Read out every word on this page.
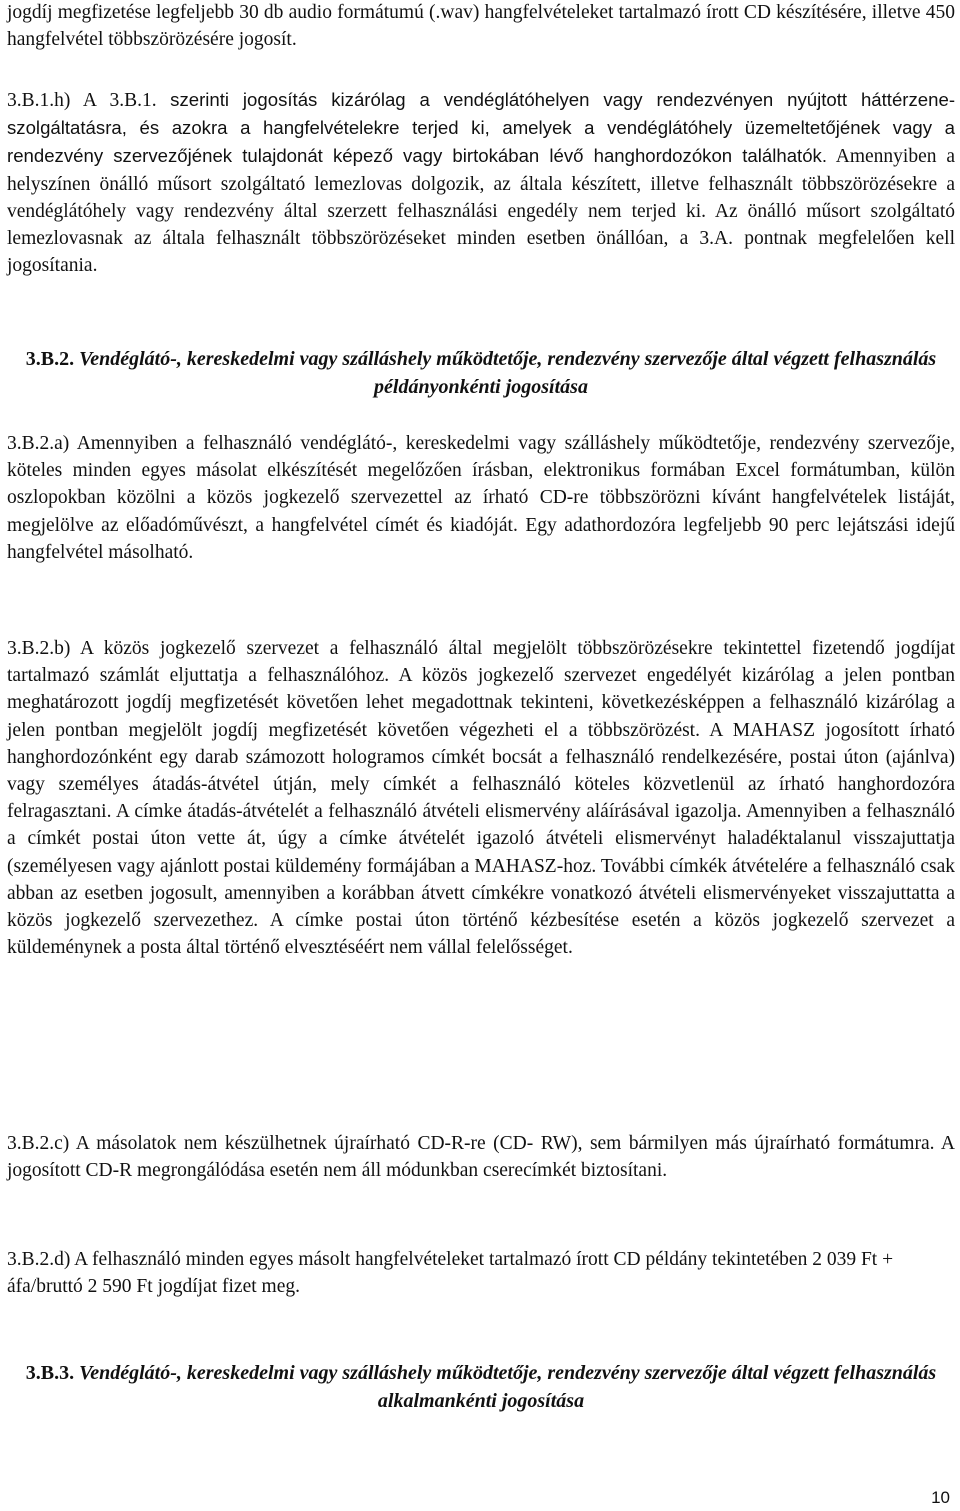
jogdíj megfizetése legfeljebb 30 db audio formátumú (.wav) hangfelvételeket tartalmazó írott CD készítésére, illetve 450 hangfelvétel többszörözésére jogosít.

3.B.1.h) A 3.B.1. szerinti jogosítás kizárólag a vendéglátóhelyen vagy rendezvényen nyújtott háttérzene-szolgáltatásra, és azokra a hangfelvételekre terjed ki, amelyek a vendéglátóhely üzemeltetőjének vagy a rendezvény szervezőjének tulajdonát képező vagy birtokában lévő hanghordozókon találhatók. Amennyiben a helyszínen önálló műsort szolgáltató lemezlovas dolgozik, az általa készített, illetve felhasznált többszörözésekre a vendéglátóhely vagy rendezvény által szerzett felhasználási engedély nem terjed ki. Az önálló műsort szolgáltató lemezlovasnak az általa felhasznált többszörözéseket minden esetben önállóan, a 3.A. pontnak megfelelően kell jogosítania.

3.B.2. Vendéglátó-, kereskedelmi vagy szálláshely működtetője, rendezvény szervezője által végzett felhasználás példányonkénti jogosítása

3.B.2.a) Amennyiben a felhasználó vendéglátó-, kereskedelmi vagy szálláshely működtetője, rendezvény szervezője, köteles minden egyes másolat elkészítését megelőzően írásban, elektronikus formában Excel formátumban, külön oszlopokban közölni a közös jogkezelő szervezettel az írható CD-re többszörözni kívánt hangfelvételek listáját, megjelölve az előadóművészt, a hangfelvétel címét és kiadóját. Egy adathordozóra legfeljebb 90 perc lejátszási idejű hangfelvétel másolható.

3.B.2.b) A közös jogkezelő szervezet a felhasználó által megjelölt többszörözésekre tekintettel fizetendő jogdíjat tartalmazó számlát eljuttatja a felhasználóhoz. A közös jogkezelő szervezet engedélyét kizárólag a jelen pontban meghatározott jogdíj megfizetését követően lehet megadottnak tekinteni, következésképpen a felhasználó kizárólag a jelen pontban megjelölt jogdíj megfizetését követően végezheti el a többszörözést. A MAHASZ jogosított írható hanghordozónként egy darab számozott hologramos címkét bocsát a felhasználó rendelkezésére, postai úton (ajánlva) vagy személyes átadás-átvétel útján, mely címkét a felhasználó köteles közvetlenül az írható hanghordozóra felragasztani. A címke átadás-átvételét a felhasználó átvételi elismervény aláírásával igazolja. Amennyiben a felhasználó a címkét postai úton vette át, úgy a címke átvételét igazoló átvételi elismervényt haladéktalanul visszajuttatja (személyesen vagy ajánlott postai küldemény formájában a MAHASZ-hoz. További címkék átvételére a felhasználó csak abban az esetben jogosult, amennyiben a korábban átvett címkékre vonatkozó átvételi elismervényeket visszajuttatta a közös jogkezelő szervezethez. A címke postai úton történő kézbesítése esetén a közös jogkezelő szervezet a küldeménynek a posta által történő elvesztéséért nem vállal felelősséget.

3.B.2.c) A másolatok nem készülhetnek újraírható CD-R-re (CD- RW), sem bármilyen más újraírható formátumra. A jogosított CD-R megrongálódása esetén nem áll módunkban cserecímkét biztosítani.

3.B.2.d) A felhasználó minden egyes másolt hangfelvételeket tartalmazó írott CD példány tekintetében 2 039 Ft + áfa/bruttó 2 590 Ft jogdíjat fizet meg.

3.B.3. Vendéglátó-, kereskedelmi vagy szálláshely működtetője, rendezvény szervezője által végzett felhasználás alkalmankénti jogosítása
10
